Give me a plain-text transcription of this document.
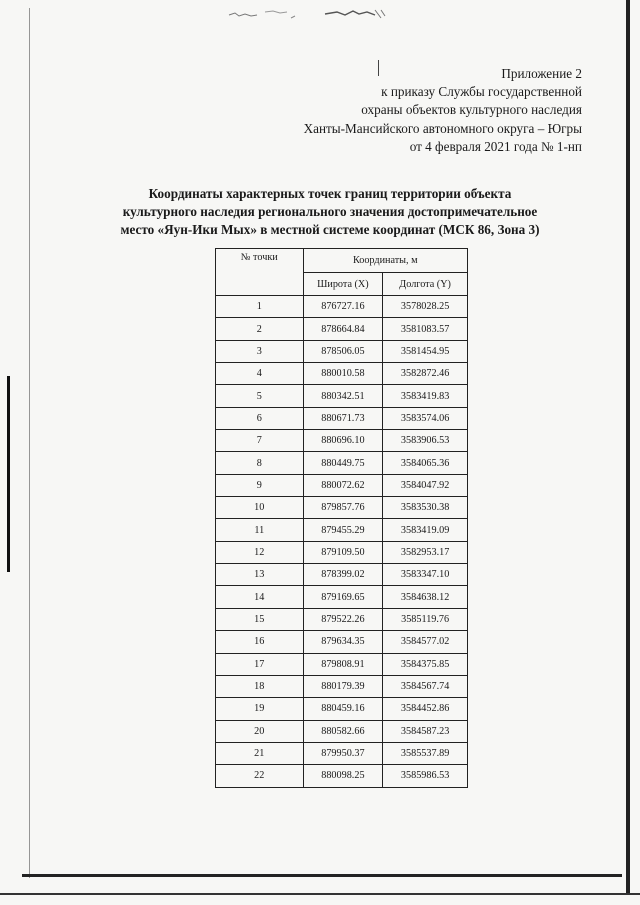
Приложение 2
к приказу Службы государственной
охраны объектов культурного наследия
Ханты-Мансийского автономного округа – Югры
от 4 февраля 2021 года № 1-нп
Координаты характерных точек границ территории объекта
культурного наследия регионального значения достопримечательное
место «Яун-Ики Мых» в местной системе координат (МСК 86, Зона 3)
№ точки	Координаты, м	
	Широта (X)	Долгота (Y)
1	876727.16	3578028.25
2	878664.84	3581083.57
3	878506.05	3581454.95
4	880010.58	3582872.46
5	880342.51	3583419.83
6	880671.73	3583574.06
7	880696.10	3583906.53
8	880449.75	3584065.36
9	880072.62	3584047.92
10	879857.76	3583530.38
11	879455.29	3583419.09
12	879109.50	3582953.17
13	878399.02	3583347.10
14	879169.65	3584638.12
15	879522.26	3585119.76
16	879634.35	3584577.02
17	879808.91	3584375.85
18	880179.39	3584567.74
19	880459.16	3584452.86
20	880582.66	3584587.23
21	879950.37	3585537.89
22	880098.25	3585986.53
